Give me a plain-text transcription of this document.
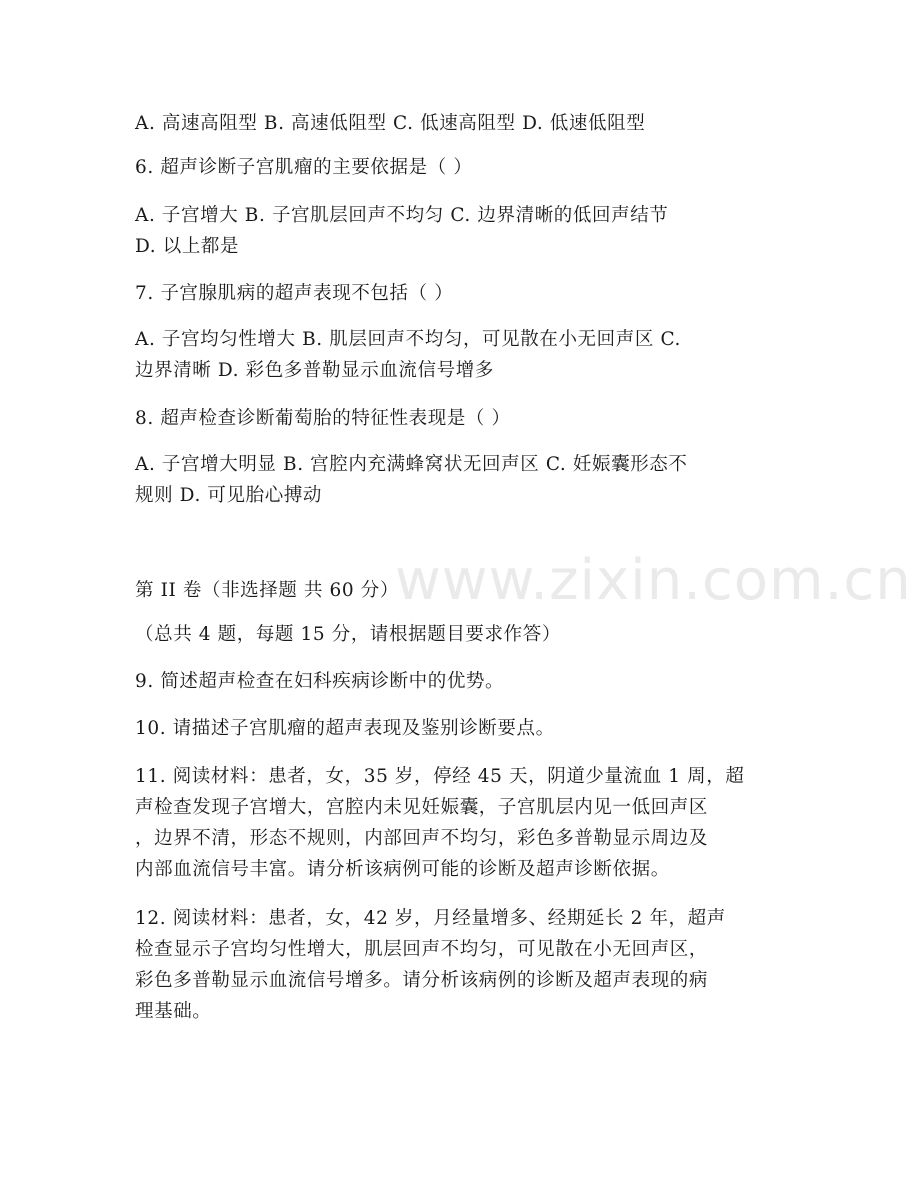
A. 高速高阻型 B. 高速低阻型 C. 低速高阻型 D. 低速低阻型
6. 超声诊断子宫肌瘤的主要依据是（ ）
A. 子宫增大 B. 子宫肌层回声不均匀 C. 边界清晰的低回声结节
D. 以上都是
7. 子宫腺肌病的超声表现不包括（ ）
A. 子宫均匀性增大 B. 肌层回声不均匀，可见散在小无回声区 C.
边界清晰 D. 彩色多普勒显示血流信号增多
8. 超声检查诊断葡萄胎的特征性表现是（ ）
A. 子宫增大明显 B. 宫腔内充满蜂窝状无回声区 C. 妊娠囊形态不
规则 D. 可见胎心搏动
www.zixin.com.cn
第 II 卷（非选择题 共 60 分）
（总共 4 题，每题 15 分，请根据题目要求作答）
9. 简述超声检查在妇科疾病诊断中的优势。
10. 请描述子宫肌瘤的超声表现及鉴别诊断要点。
11. 阅读材料：患者，女，35 岁，停经 45 天，阴道少量流血 1 周，超
声检查发现子宫增大，宫腔内未见妊娠囊，子宫肌层内见一低回声区
，边界不清，形态不规则，内部回声不均匀，彩色多普勒显示周边及
内部血流信号丰富。请分析该病例可能的诊断及超声诊断依据。
12. 阅读材料：患者，女，42 岁，月经量增多、经期延长 2 年，超声
检查显示子宫均匀性增大，肌层回声不均匀，可见散在小无回声区，
彩色多普勒显示血流信号增多。请分析该病例的诊断及超声表现的病
理基础。
